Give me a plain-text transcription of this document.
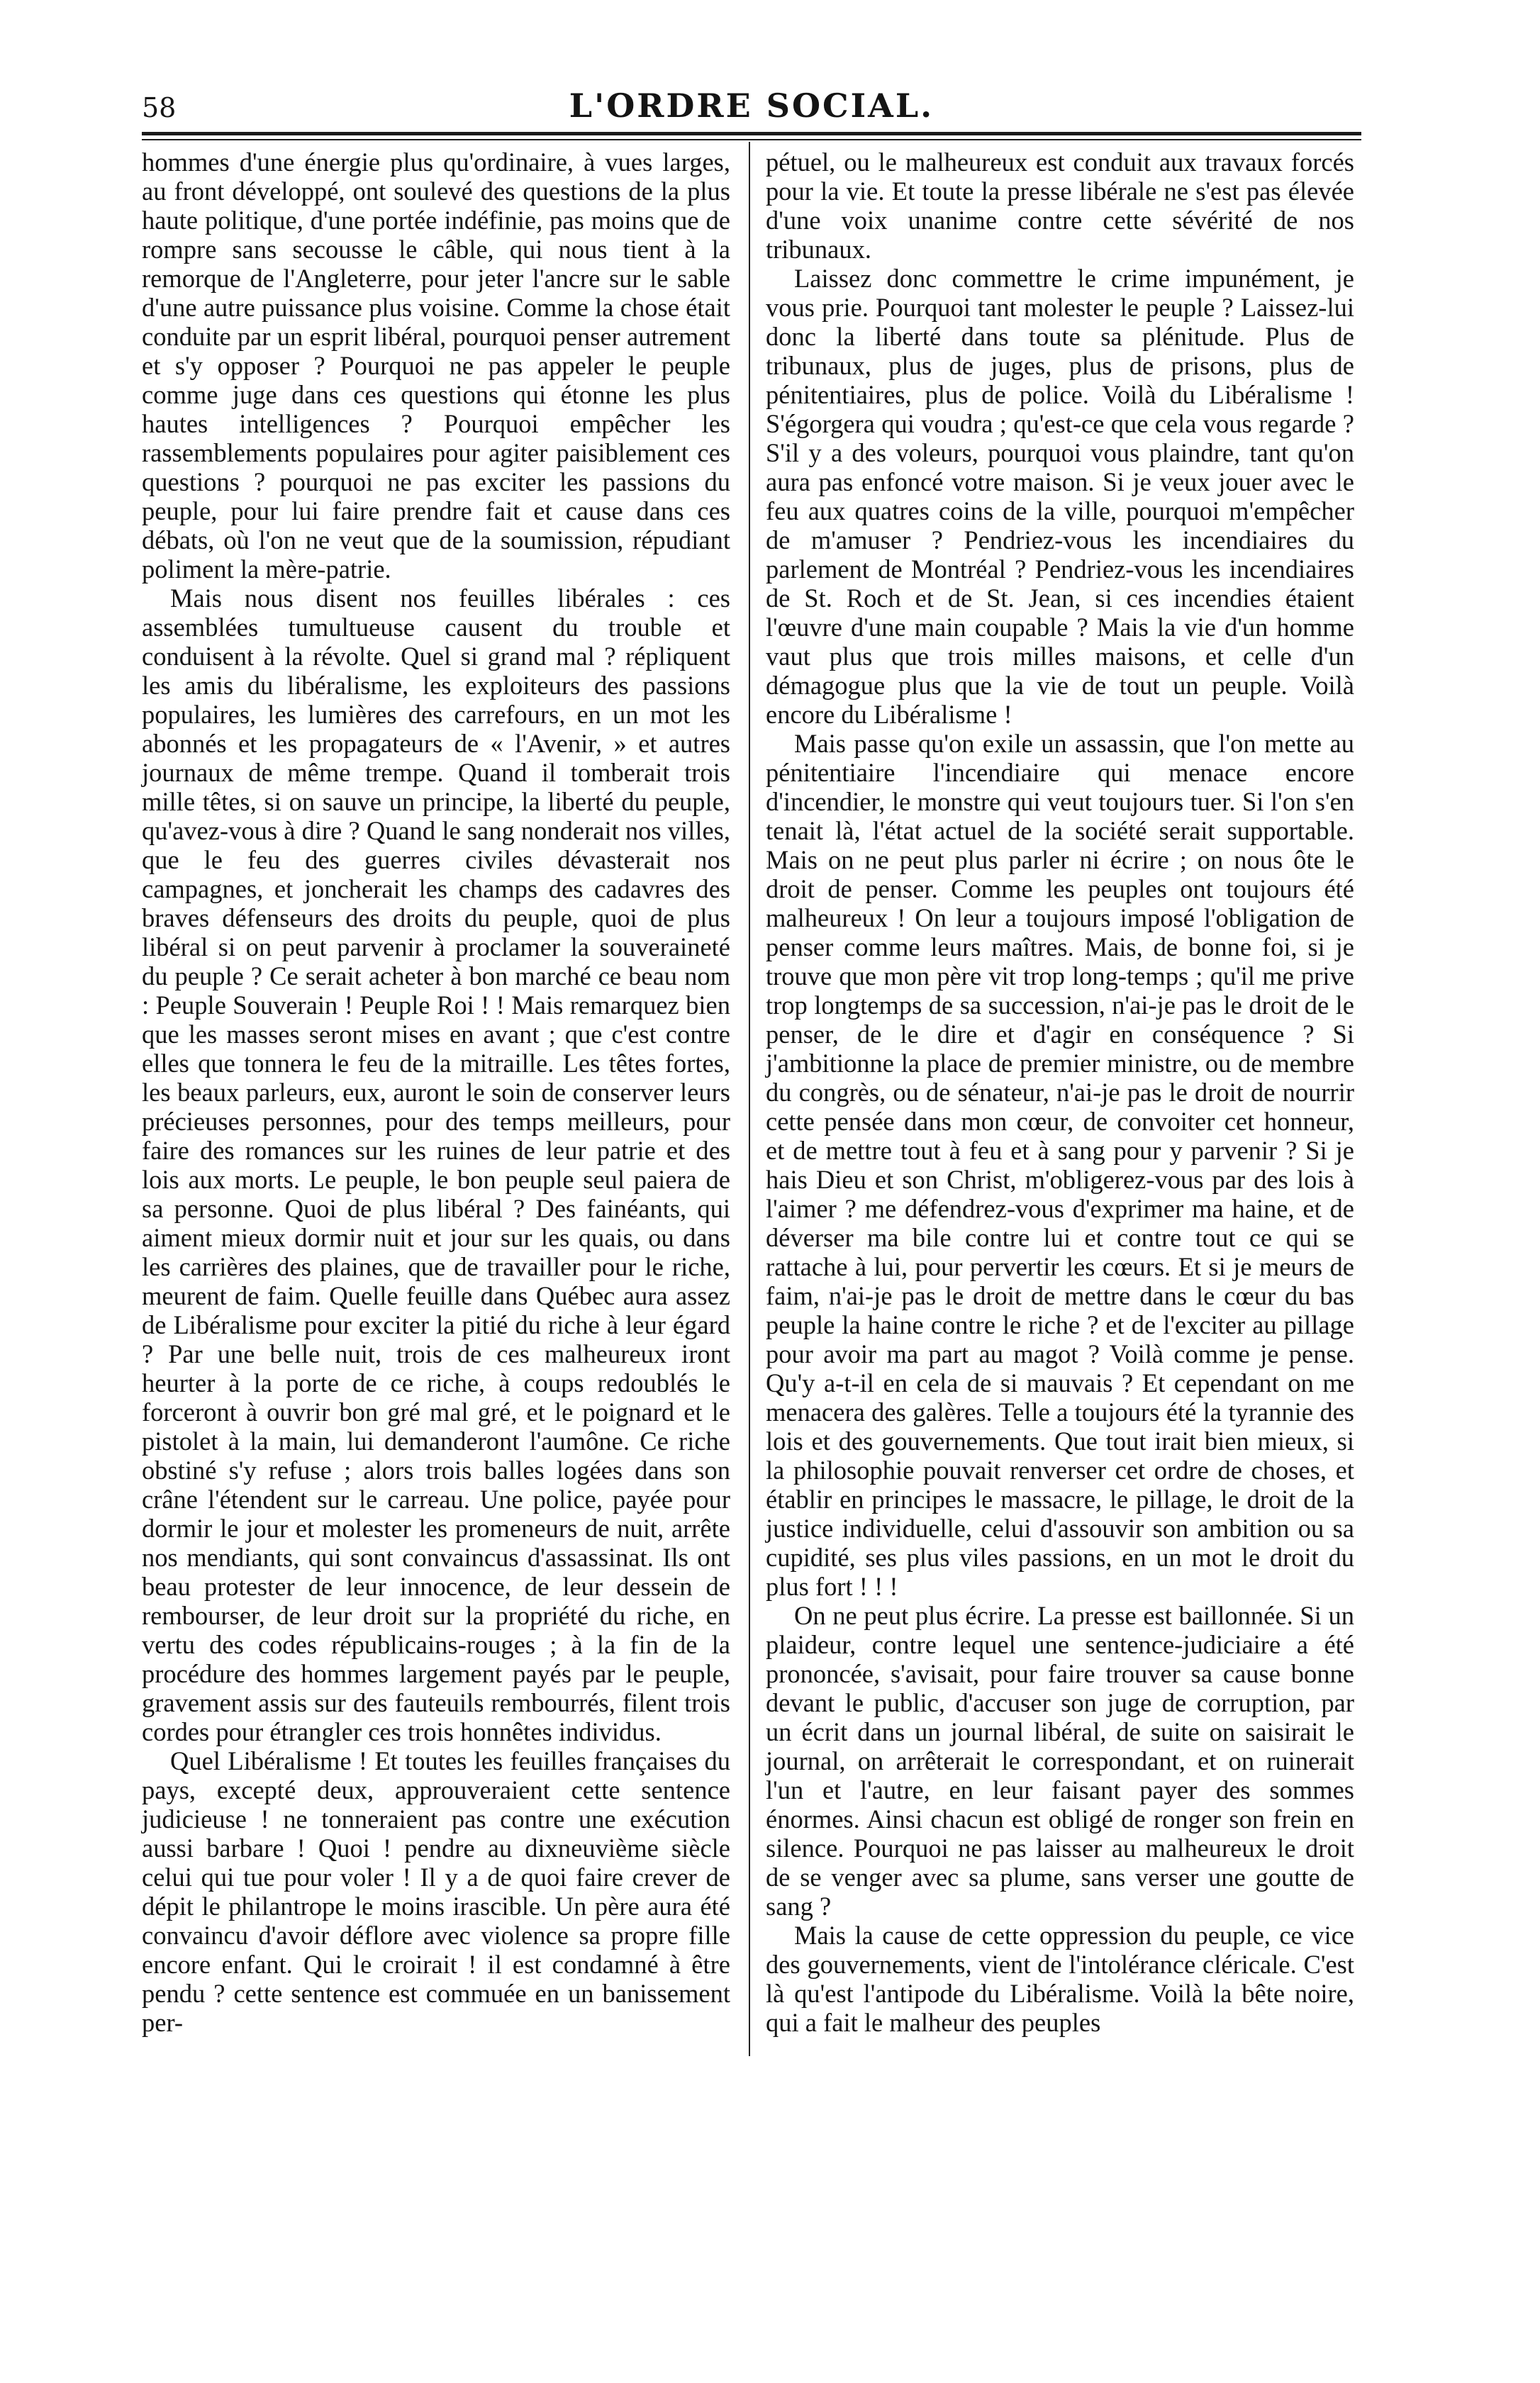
58	L'ORDRE SOCIAL.

hommes d'une énergie plus qu'ordinaire, à vues larges, au front développé, ont soulevé des questions de la plus haute politique, d'une portée indéfinie, pas moins que de rompre sans secousse le câble, qui nous tient à la remorque de l'Angleterre, pour jeter l'ancre sur le sable d'une autre puissance plus voisine. Comme la chose était conduite par un esprit libéral, pourquoi penser autrement et s'y opposer ? Pourquoi ne pas appeler le peuple comme juge dans ces questions qui étonne les plus hautes intelligences ? Pourquoi empêcher les rassemblements populaires pour agiter paisiblement ces questions ? pourquoi ne pas exciter les passions du peuple, pour lui faire prendre fait et cause dans ces débats, où l'on ne veut que de la soumission, répudiant poliment la mère-patrie.

Mais nous disent nos feuilles libérales : ces assemblées tumultueuse causent du trouble et conduisent à la révolte. Quel si grand mal ? répliquent les amis du libéralisme, les exploiteurs des passions populaires, les lumières des carrefours, en un mot les abonnés et les propagateurs de « l'Avenir, » et autres journaux de même trempe. Quand il tomberait trois mille têtes, si on sauve un principe, la liberté du peuple, qu'avez-vous à dire ? Quand le sang nonderait nos villes, que le feu des guerres civiles dévasterait nos campagnes, et joncherait les champs des cadavres des braves défenseurs des droits du peuple, quoi de plus libéral si on peut parvenir à proclamer la souveraineté du peuple ? Ce serait acheter à bon marché ce beau nom : Peuple Souverain ! Peuple Roi ! ! Mais remarquez bien que les masses seront mises en avant ; que c'est contre elles que tonnera le feu de la mitraille. Les têtes fortes, les beaux parleurs, eux, auront le soin de conserver leurs précieuses personnes, pour des temps meilleurs, pour faire des romances sur les ruines de leur patrie et des lois aux morts. Le peuple, le bon peuple seul paiera de sa personne. Quoi de plus libéral ? Des fainéants, qui aiment mieux dormir nuit et jour sur les quais, ou dans les carrières des plaines, que de travailler pour le riche, meurent de faim. Quelle feuille dans Québec aura assez de Libéralisme pour exciter la pitié du riche à leur égard ? Par une belle nuit, trois de ces malheureux iront heurter à la porte de ce riche, à coups redoublés le forceront à ouvrir bon gré mal gré, et le poignard et le pistolet à la main, lui demanderont l'aumône. Ce riche obstiné s'y refuse ; alors trois balles logées dans son crâne l'étendent sur le carreau. Une police, payée pour dormir le jour et molester les promeneurs de nuit, arrête nos mendiants, qui sont convaincus d'assassinat. Ils ont beau protester de leur innocence, de leur dessein de rembourser, de leur droit sur la propriété du riche, en vertu des codes républicains-rouges ; à la fin de la procédure des hommes largement payés par le peuple, gravement assis sur des fauteuils rembourrés, filent trois cordes pour étrangler ces trois honnêtes individus.

Quel Libéralisme ! Et toutes les feuilles françaises du pays, excepté deux, approuveraient cette sentence judicieuse ! ne tonneraient pas contre une exécution aussi barbare ! Quoi ! pendre au dixneuvième siècle celui qui tue pour voler ! Il y a de quoi faire crever de dépit le philantrope le moins irascible. Un père aura été convaincu d'avoir déflore avec violence sa propre fille encore enfant. Qui le croirait ! il est condamné à être pendu ? cette sentence est commuée en un banissement per-

pétuel, ou le malheureux est conduit aux travaux forcés pour la vie. Et toute la presse libérale ne s'est pas élevée d'une voix unanime contre cette sévérité de nos tribunaux.

Laissez donc commettre le crime impunément, je vous prie. Pourquoi tant molester le peuple ? Laissez-lui donc la liberté dans toute sa plénitude. Plus de tribunaux, plus de juges, plus de prisons, plus de pénitentiaires, plus de police. Voilà du Libéralisme ! S'égorgera qui voudra ; qu'est-ce que cela vous regarde ? S'il y a des voleurs, pourquoi vous plaindre, tant qu'on aura pas enfoncé votre maison. Si je veux jouer avec le feu aux quatres coins de la ville, pourquoi m'empêcher de m'amuser ? Pendriez-vous les incendiaires du parlement de Montréal ? Pendriez-vous les incendiaires de St. Roch et de St. Jean, si ces incendies étaient l'œuvre d'une main coupable ? Mais la vie d'un homme vaut plus que trois milles maisons, et celle d'un démagogue plus que la vie de tout un peuple. Voilà encore du Libéralisme !

Mais passe qu'on exile un assassin, que l'on mette au pénitentiaire l'incendiaire qui menace encore d'incendier, le monstre qui veut toujours tuer. Si l'on s'en tenait là, l'état actuel de la société serait supportable. Mais on ne peut plus parler ni écrire ; on nous ôte le droit de penser. Comme les peuples ont toujours été malheureux ! On leur a toujours imposé l'obligation de penser comme leurs maîtres. Mais, de bonne foi, si je trouve que mon père vit trop long-temps ; qu'il me prive trop longtemps de sa succession, n'ai-je pas le droit de le penser, de le dire et d'agir en conséquence ? Si j'ambitionne la place de premier ministre, ou de membre du congrès, ou de sénateur, n'ai-je pas le droit de nourrir cette pensée dans mon cœur, de convoiter cet honneur, et de mettre tout à feu et à sang pour y parvenir ? Si je hais Dieu et son Christ, m'obligerez-vous par des lois à l'aimer ? me défendrez-vous d'exprimer ma haine, et de déverser ma bile contre lui et contre tout ce qui se rattache à lui, pour pervertir les cœurs. Et si je meurs de faim, n'ai-je pas le droit de mettre dans le cœur du bas peuple la haine contre le riche ? et de l'exciter au pillage pour avoir ma part au magot ? Voilà comme je pense. Qu'y a-t-il en cela de si mauvais ? Et cependant on me menacera des galères. Telle a toujours été la tyrannie des lois et des gouvernements. Que tout irait bien mieux, si la philosophie pouvait renverser cet ordre de choses, et établir en principes le massacre, le pillage, le droit de la justice individuelle, celui d'assouvir son ambition ou sa cupidité, ses plus viles passions, en un mot le droit du plus fort ! ! !

On ne peut plus écrire. La presse est baillonnée. Si un plaideur, contre lequel une sentence-judiciaire a été prononcée, s'avisait, pour faire trouver sa cause bonne devant le public, d'accuser son juge de corruption, par un écrit dans un journal libéral, de suite on saisirait le journal, on arrêterait le correspondant, et on ruinerait l'un et l'autre, en leur faisant payer des sommes énormes. Ainsi chacun est obligé de ronger son frein en silence. Pourquoi ne pas laisser au malheureux le droit de se venger avec sa plume, sans verser une goutte de sang ?

Mais la cause de cette oppression du peuple, ce vice des gouvernements, vient de l'intolérance cléricale. C'est là qu'est l'antipode du Libéralisme. Voilà la bête noire, qui a fait le malheur des peuples
